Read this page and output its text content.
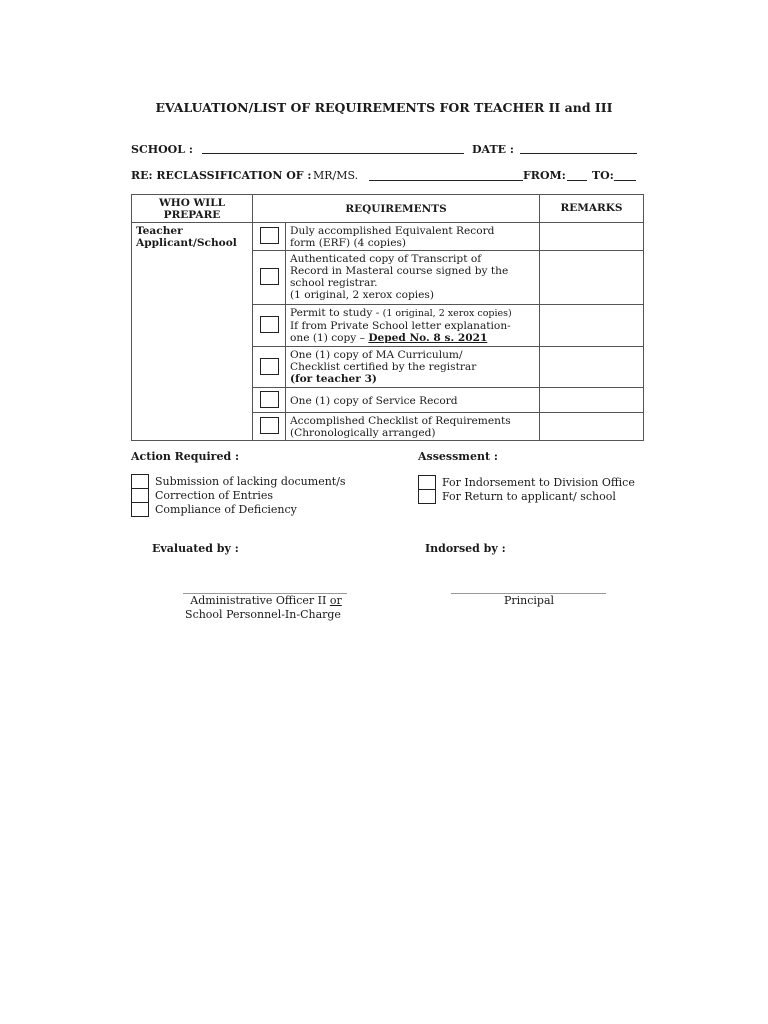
EVALUATION/LIST OF REQUIREMENTS FOR TEACHER II and III
SCHOOL :	DATE :
RE: RECLASSIFICATION OF : MR/MS.	FROM: TO:
WHO WILL PREPARE	REQUIREMENTS		REMARKS
Teacher Applicant/School		Duly accomplished Equivalent Record
form (ERF) (4 copies)	

		Authenticated copy of Transcript of
Record in Masteral course signed by the
school registrar.
(1 original, 2 xerox copies)	

		Permit to study - (1 original, 2 xerox copies)
If from Private School letter explanation-
one (1) copy – Deped No. 8 s. 2021	

		One (1) copy of MA Curriculum/
Checklist certified by the registrar
(for teacher 3)	

		One (1) copy of Service Record	

		Accomplished Checklist of Requirements
(Chronologically arranged)	

Action Required :
Submission of lacking document/s
Correction of Entries
Compliance of Deficiency
Assessment :
For Indorsement to Division Office
For Return to applicant/ school
Evaluated by :	Indorsed by :
Administrative Officer II or
School Personnel-In-Charge
Principal
